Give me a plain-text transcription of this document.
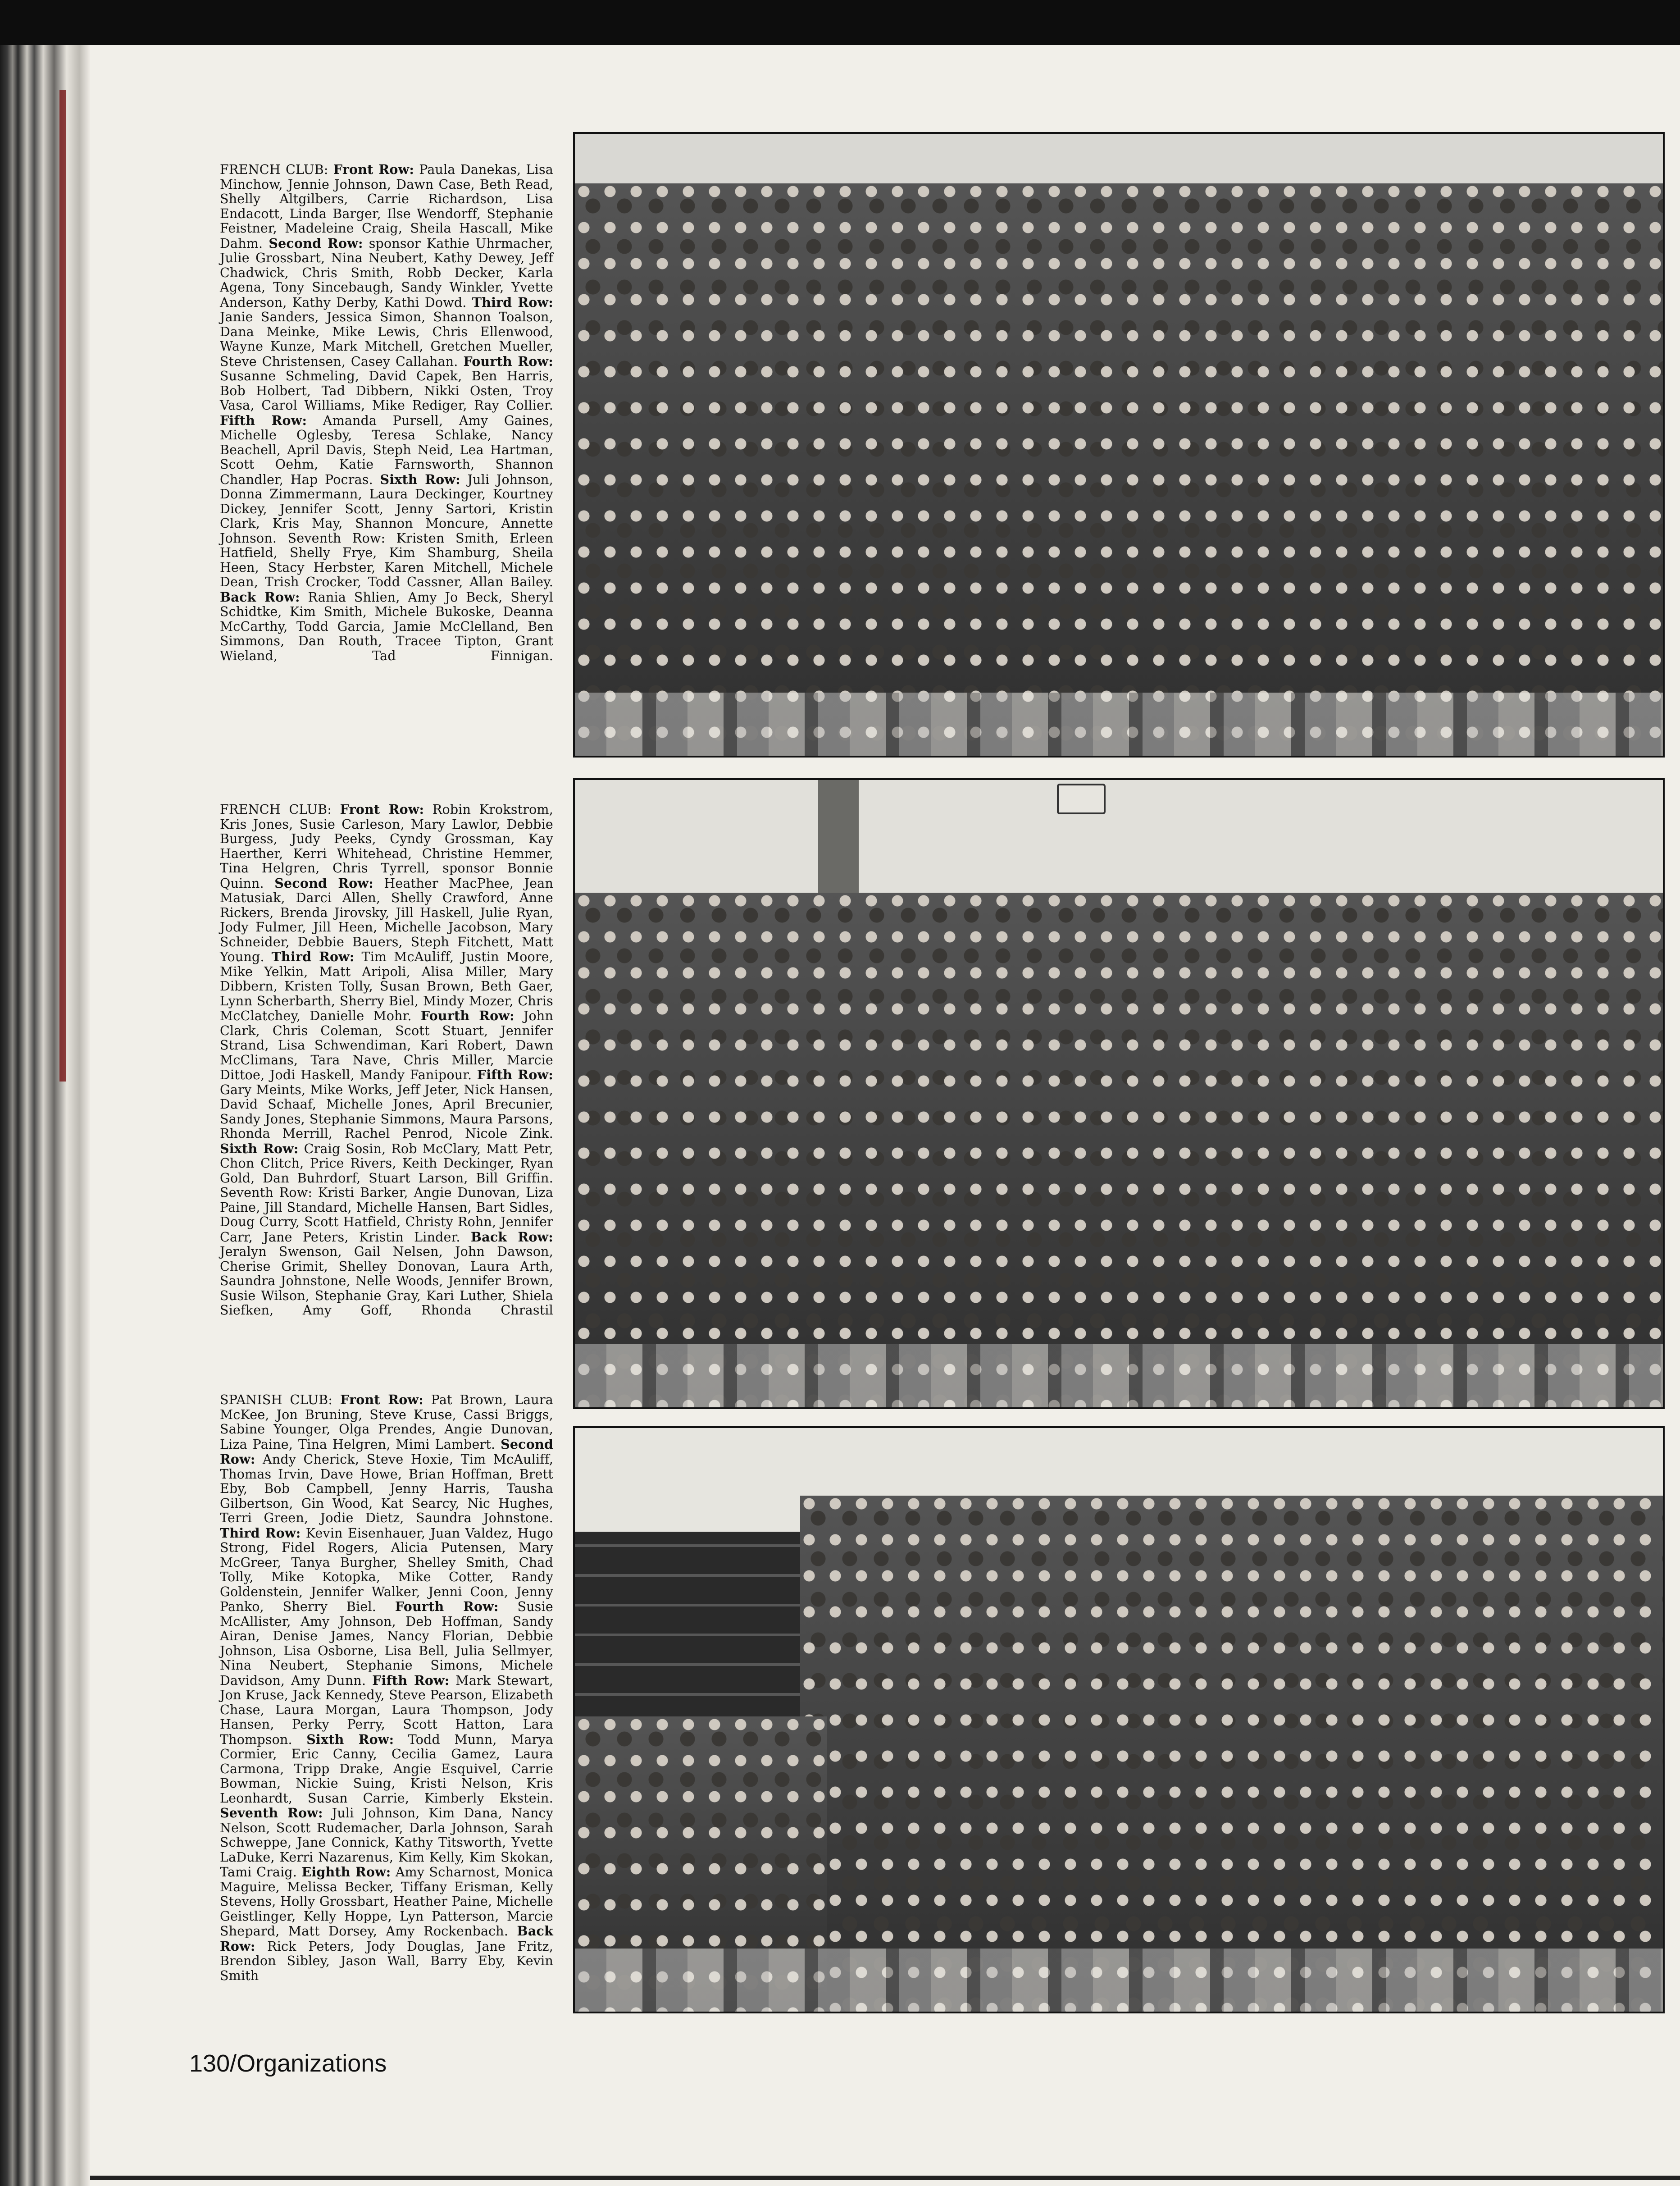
FRENCH CLUB: Front Row: Paula Danekas, Lisa Minchow, Jennie Johnson, Dawn Case, Beth Read, Shelly Altgilbers, Carrie Richardson, Lisa Endacott, Linda Barger, Ilse Wendorff, Stephanie Feistner, Madeleine Craig, Sheila Hascall, Mike Dahm. Second Row: sponsor Kathie Uhrmacher, Julie Grossbart, Nina Neubert, Kathy Dewey, Jeff Chadwick, Chris Smith, Robb Decker, Karla Agena, Tony Sincebaugh, Sandy Winkler, Yvette Anderson, Kathy Derby, Kathi Dowd. Third Row: Janie Sanders, Jessica Simon, Shannon Toalson, Dana Meinke, Mike Lewis, Chris Ellenwood, Wayne Kunze, Mark Mitchell, Gretchen Mueller, Steve Christensen, Casey Callahan. Fourth Row: Susanne Schmeling, David Capek, Ben Harris, Bob Holbert, Tad Dibbern, Nikki Osten, Troy Vasa, Carol Williams, Mike Rediger, Ray Collier. Fifth Row: Amanda Pursell, Amy Gaines, Michelle Oglesby, Teresa Schlake, Nancy Beachell, April Davis, Steph Neid, Lea Hartman, Scott Oehm, Katie Farnsworth, Shannon Chandler, Hap Pocras. Sixth Row: Juli Johnson, Donna Zimmermann, Laura Deckinger, Kourtney Dickey, Jennifer Scott, Jenny Sartori, Kristin Clark, Kris May, Shannon Moncure, Annette Johnson. Seventh Row: Kristen Smith, Erleen Hatfield, Shelly Frye, Kim Shamburg, Sheila Heen, Stacy Herbster, Karen Mitchell, Michele Dean, Trish Crocker, Todd Cassner, Allan Bailey. Back Row: Rania Shlien, Amy Jo Beck, Sheryl Schidtke, Kim Smith, Michele Bukoske, Deanna McCarthy, Todd Garcia, Jamie McClelland, Ben Simmons, Dan Routh, Tracee Tipton, Grant Wieland, Tad Finnigan.
FRENCH CLUB: Front Row: Robin Krokstrom, Kris Jones, Susie Carleson, Mary Lawlor, Debbie Burgess, Judy Peeks, Cyndy Grossman, Kay Haerther, Kerri Whitehead, Christine Hemmer, Tina Helgren, Chris Tyrrell, sponsor Bonnie Quinn. Second Row: Heather MacPhee, Jean Matusiak, Darci Allen, Shelly Crawford, Anne Rickers, Brenda Jirovsky, Jill Haskell, Julie Ryan, Jody Fulmer, Jill Heen, Michelle Jacobson, Mary Schneider, Debbie Bauers, Steph Fitchett, Matt Young. Third Row: Tim McAuliff, Justin Moore, Mike Yelkin, Matt Aripoli, Alisa Miller, Mary Dibbern, Kristen Tolly, Susan Brown, Beth Gaer, Lynn Scherbarth, Sherry Biel, Mindy Mozer, Chris McClatchey, Danielle Mohr. Fourth Row: John Clark, Chris Coleman, Scott Stuart, Jennifer Strand, Lisa Schwendiman, Kari Robert, Dawn McClimans, Tara Nave, Chris Miller, Marcie Dittoe, Jodi Haskell, Mandy Fanipour. Fifth Row: Gary Meints, Mike Works, Jeff Jeter, Nick Hansen, David Schaaf, Michelle Jones, April Brecunier, Sandy Jones, Stephanie Simmons, Maura Parsons, Rhonda Merrill, Rachel Penrod, Nicole Zink. Sixth Row: Craig Sosin, Rob McClary, Matt Petr, Chon Clitch, Price Rivers, Keith Deckinger, Ryan Gold, Dan Buhrdorf, Stuart Larson, Bill Griffin. Seventh Row: Kristi Barker, Angie Dunovan, Liza Paine, Jill Standard, Michelle Hansen, Bart Sidles, Doug Curry, Scott Hatfield, Christy Rohn, Jennifer Carr, Jane Peters, Kristin Linder. Back Row: Jeralyn Swenson, Gail Nelsen, John Dawson, Cherise Grimit, Shelley Donovan, Laura Arth, Saundra Johnstone, Nelle Woods, Jennifer Brown, Susie Wilson, Stephanie Gray, Kari Luther, Shiela Siefken, Amy Goff, Rhonda Chrastil
SPANISH CLUB: Front Row: Pat Brown, Laura McKee, Jon Bruning, Steve Kruse, Cassi Briggs, Sabine Younger, Olga Prendes, Angie Dunovan, Liza Paine, Tina Helgren, Mimi Lambert. Second Row: Andy Cherick, Steve Hoxie, Tim McAuliff, Thomas Irvin, Dave Howe, Brian Hoffman, Brett Eby, Bob Campbell, Jenny Harris, Tausha Gilbertson, Gin Wood, Kat Searcy, Nic Hughes, Terri Green, Jodie Dietz, Saundra Johnstone. Third Row: Kevin Eisenhauer, Juan Valdez, Hugo Strong, Fidel Rogers, Alicia Putensen, Mary McGreer, Tanya Burgher, Shelley Smith, Chad Tolly, Mike Kotopka, Mike Cotter, Randy Goldenstein, Jennifer Walker, Jenni Coon, Jenny Panko, Sherry Biel. Fourth Row: Susie McAllister, Amy Johnson, Deb Hoffman, Sandy Airan, Denise James, Nancy Florian, Debbie Johnson, Lisa Osborne, Lisa Bell, Julia Sellmyer, Nina Neubert, Stephanie Simons, Michele Davidson, Amy Dunn. Fifth Row: Mark Stewart, Jon Kruse, Jack Kennedy, Steve Pearson, Elizabeth Chase, Laura Morgan, Laura Thompson, Jody Hansen, Perky Perry, Scott Hatton, Lara Thompson. Sixth Row: Todd Munn, Marya Cormier, Eric Canny, Cecilia Gamez, Laura Carmona, Tripp Drake, Angie Esquivel, Carrie Bowman, Nickie Suing, Kristi Nelson, Kris Leonhardt, Susan Carrie, Kimberly Ekstein. Seventh Row: Juli Johnson, Kim Dana, Nancy Nelson, Scott Rudemacher, Darla Johnson, Sarah Schweppe, Jane Connick, Kathy Titsworth, Yvette LaDuke, Kerri Nazarenus, Kim Kelly, Kim Skokan, Tami Craig. Eighth Row: Amy Scharnost, Monica Maguire, Melissa Becker, Tiffany Erisman, Kelly Stevens, Holly Grossbart, Heather Paine, Michelle Geistlinger, Kelly Hoppe, Lyn Patterson, Marcie Shepard, Matt Dorsey, Amy Rockenbach. Back Row: Rick Peters, Jody Douglas, Jane Fritz, Brendon Sibley, Jason Wall, Barry Eby, Kevin Smith
130/Organizations
